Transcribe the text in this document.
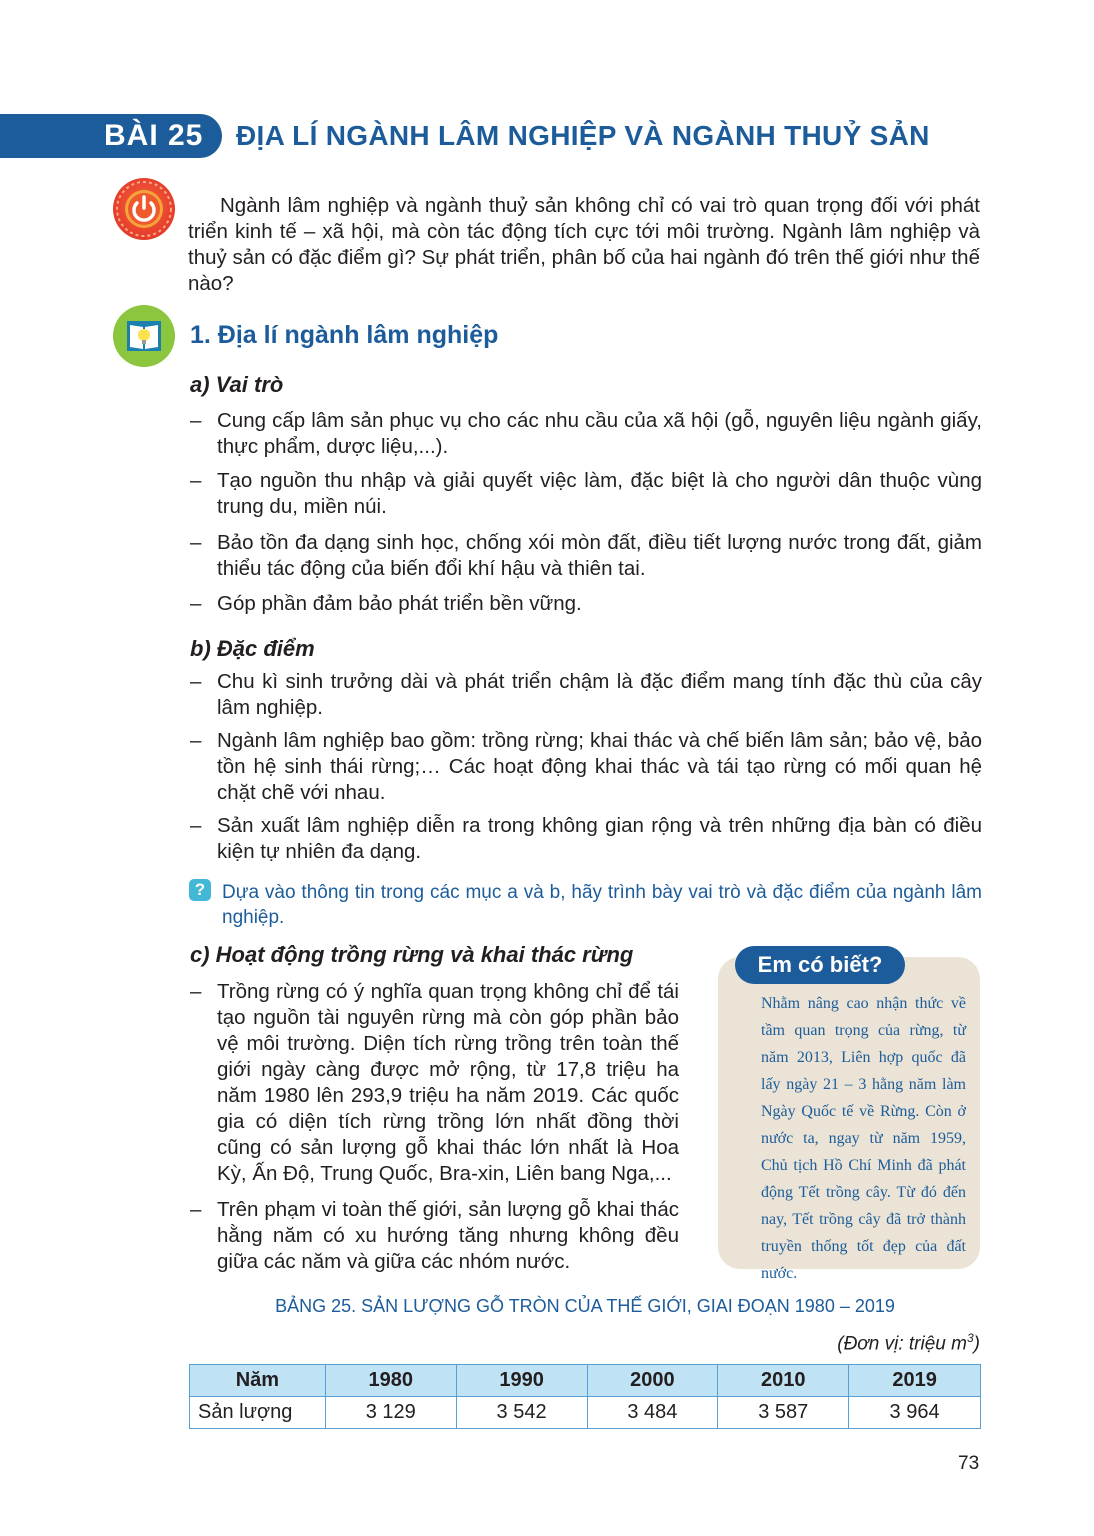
BÀI 25 ĐỊA LÍ NGÀNH LÂM NGHIỆP VÀ NGÀNH THUỶ SẢN
Ngành lâm nghiệp và ngành thuỷ sản không chỉ có vai trò quan trọng đối với phát triển kinh tế – xã hội, mà còn tác động tích cực tới môi trường. Ngành lâm nghiệp và thuỷ sản có đặc điểm gì? Sự phát triển, phân bố của hai ngành đó trên thế giới như thế nào?
1. Địa lí ngành lâm nghiệp
a) Vai trò
– Cung cấp lâm sản phục vụ cho các nhu cầu của xã hội (gỗ, nguyên liệu ngành giấy, thực phẩm, dược liệu,...).
– Tạo nguồn thu nhập và giải quyết việc làm, đặc biệt là cho người dân thuộc vùng trung du, miền núi.
– Bảo tồn đa dạng sinh học, chống xói mòn đất, điều tiết lượng nước trong đất, giảm thiểu tác động của biến đổi khí hậu và thiên tai.
– Góp phần đảm bảo phát triển bền vững.
b) Đặc điểm
– Chu kì sinh trưởng dài và phát triển chậm là đặc điểm mang tính đặc thù của cây lâm nghiệp.
– Ngành lâm nghiệp bao gồm: trồng rừng; khai thác và chế biến lâm sản; bảo vệ, bảo tồn hệ sinh thái rừng;… Các hoạt động khai thác và tái tạo rừng có mối quan hệ chặt chẽ với nhau.
– Sản xuất lâm nghiệp diễn ra trong không gian rộng và trên những địa bàn có điều kiện tự nhiên đa dạng.
? Dựa vào thông tin trong các mục a và b, hãy trình bày vai trò và đặc điểm của ngành lâm nghiệp.
c) Hoạt động trồng rừng và khai thác rừng
– Trồng rừng có ý nghĩa quan trọng không chỉ để tái tạo nguồn tài nguyên rừng mà còn góp phần bảo vệ môi trường. Diện tích rừng trồng trên toàn thế giới ngày càng được mở rộng, từ 17,8 triệu ha năm 1980 lên 293,9 triệu ha năm 2019. Các quốc gia có diện tích rừng trồng lớn nhất đồng thời cũng có sản lượng gỗ khai thác lớn nhất là Hoa Kỳ, Ấn Độ, Trung Quốc, Bra-xin, Liên bang Nga,...
– Trên phạm vi toàn thế giới, sản lượng gỗ khai thác hằng năm có xu hướng tăng nhưng không đều giữa các năm và giữa các nhóm nước.
Em có biết?
Nhằm nâng cao nhận thức về tầm quan trọng của rừng, từ năm 2013, Liên hợp quốc đã lấy ngày 21 – 3 hằng năm làm Ngày Quốc tế về Rừng. Còn ở nước ta, ngay từ năm 1959, Chủ tịch Hồ Chí Minh đã phát động Tết trồng cây. Từ đó đến nay, Tết trồng cây đã trở thành truyền thống tốt đẹp của đất nước.
BẢNG 25. SẢN LƯỢNG GỖ TRÒN CỦA THẾ GIỚI, GIAI ĐOẠN 1980 – 2019
(Đơn vị: triệu $m^3$)
Năm	1980	1990	2000	2010	2019
Sản lượng	3 129	3 542	3 484	3 587	3 964
73
